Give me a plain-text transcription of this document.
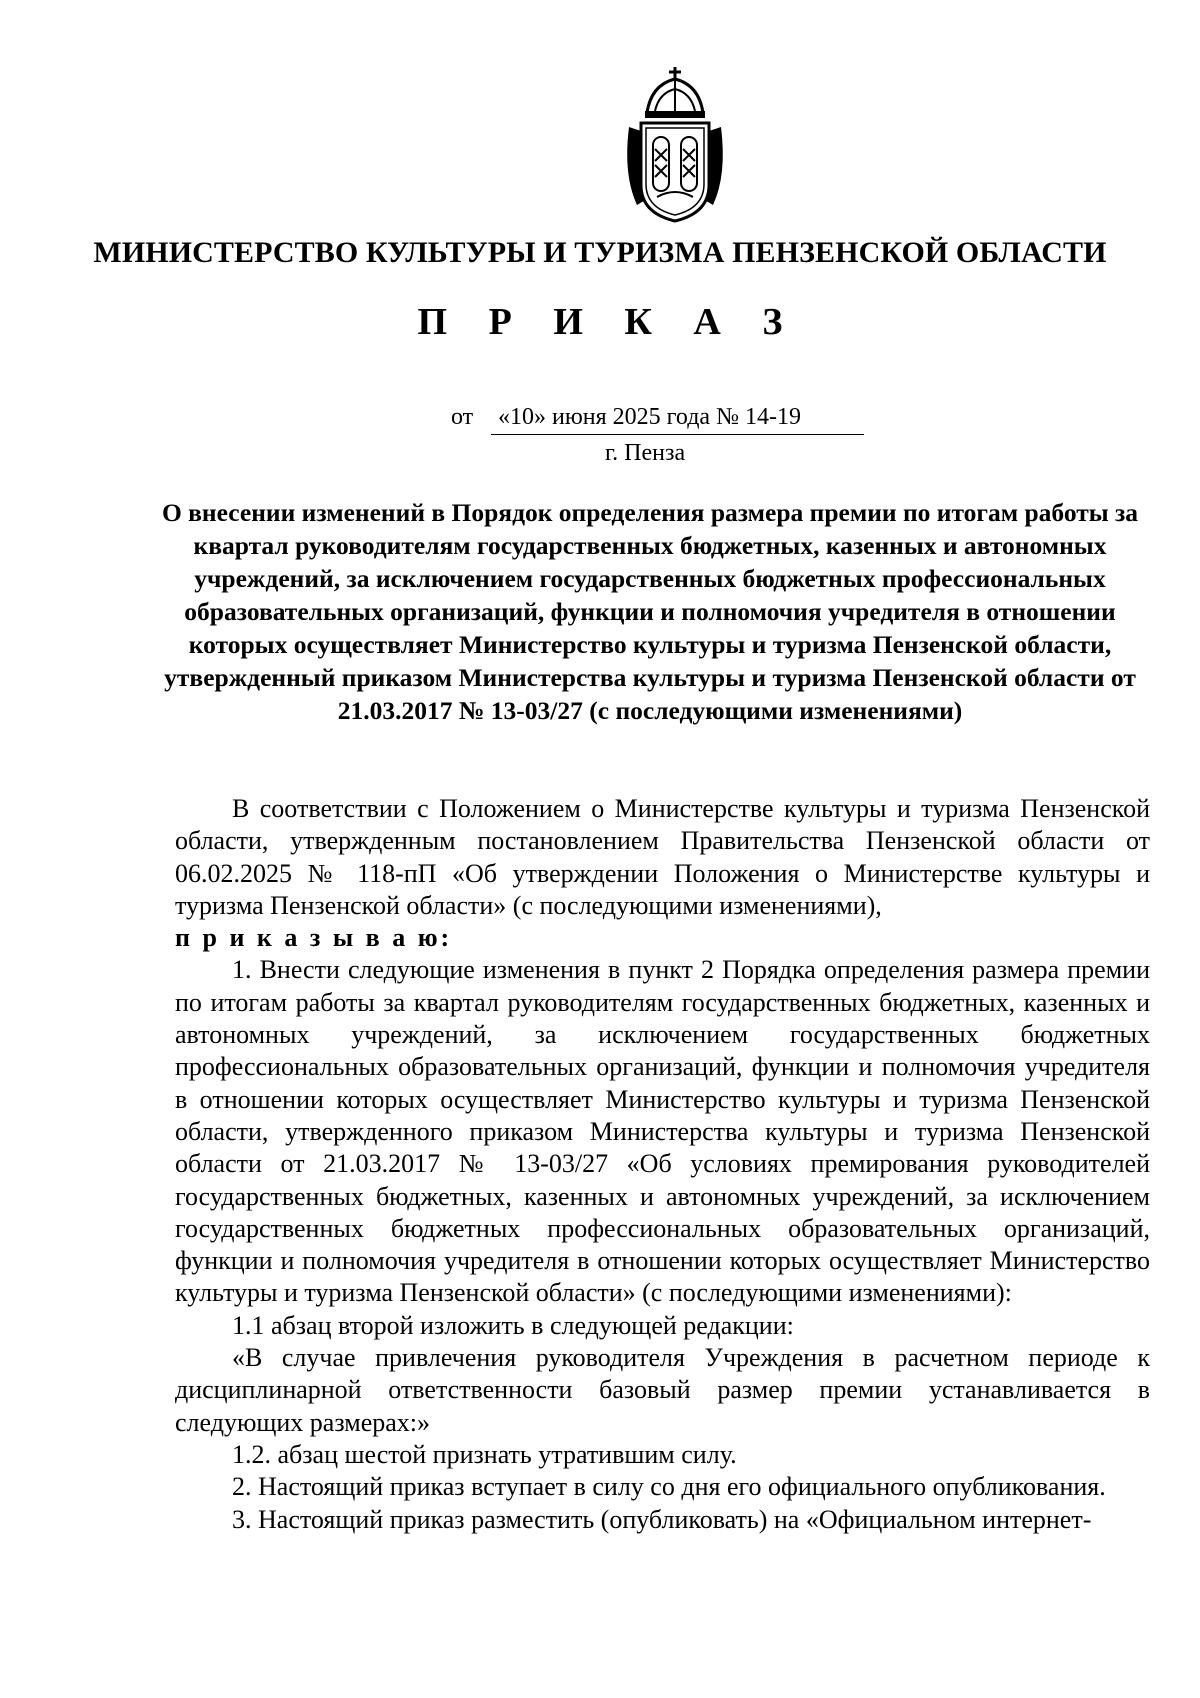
МИНИСТЕРСТВО КУЛЬТУРЫ И ТУРИЗМА ПЕНЗЕНСКОЙ ОБЛАСТИ
П Р И К А З
от «10» июня 2025 года № 14-19
г. Пенза
О внесении изменений в Порядок определения размера премии по итогам работы за квартал руководителям государственных бюджетных, казенных и автономных учреждений, за исключением государственных бюджетных профессиональных образовательных организаций, функции и полномочия учредителя в отношении которых осуществляет Министерство культуры и туризма Пензенской области, утвержденный приказом Министерства культуры и туризма Пензенской области от 21.03.2017 № 13-03/27 (с последующими изменениями)

В соответствии с Положением о Министерстве культуры и туризма Пензенской области, утвержденным постановлением Правительства Пензенской области от 06.02.2025 № 118-пП «Об утверждении Положения о Министерстве культуры и туризма Пензенской области» (с последующими изменениями),

п р и к а з ы в а ю:

1. Внести следующие изменения в пункт 2 Порядка определения размера премии по итогам работы за квартал руководителям государственных бюджетных, казенных и автономных учреждений, за исключением государственных бюджетных профессиональных образовательных организаций, функции и полномочия учредителя в отношении которых осуществляет Министерство культуры и туризма Пензенской области, утвержденного приказом Министерства культуры и туризма Пензенской области от 21.03.2017 № 13-03/27 «Об условиях премирования руководителей государственных бюджетных, казенных и автономных учреждений, за исключением государственных бюджетных профессиональных образовательных организаций, функции и полномочия учредителя в отношении которых осуществляет Министерство культуры и туризма Пензенской области» (с последующими изменениями):

1.1 абзац второй изложить в следующей редакции:

«В случае привлечения руководителя Учреждения в расчетном периоде к дисциплинарной ответственности базовый размер премии устанавливается в следующих размерах:»

1.2. абзац шестой признать утратившим силу.

2. Настоящий приказ вступает в силу со дня его официального опубликования.

3. Настоящий приказ разместить (опубликовать) на «Официальном интернет-
